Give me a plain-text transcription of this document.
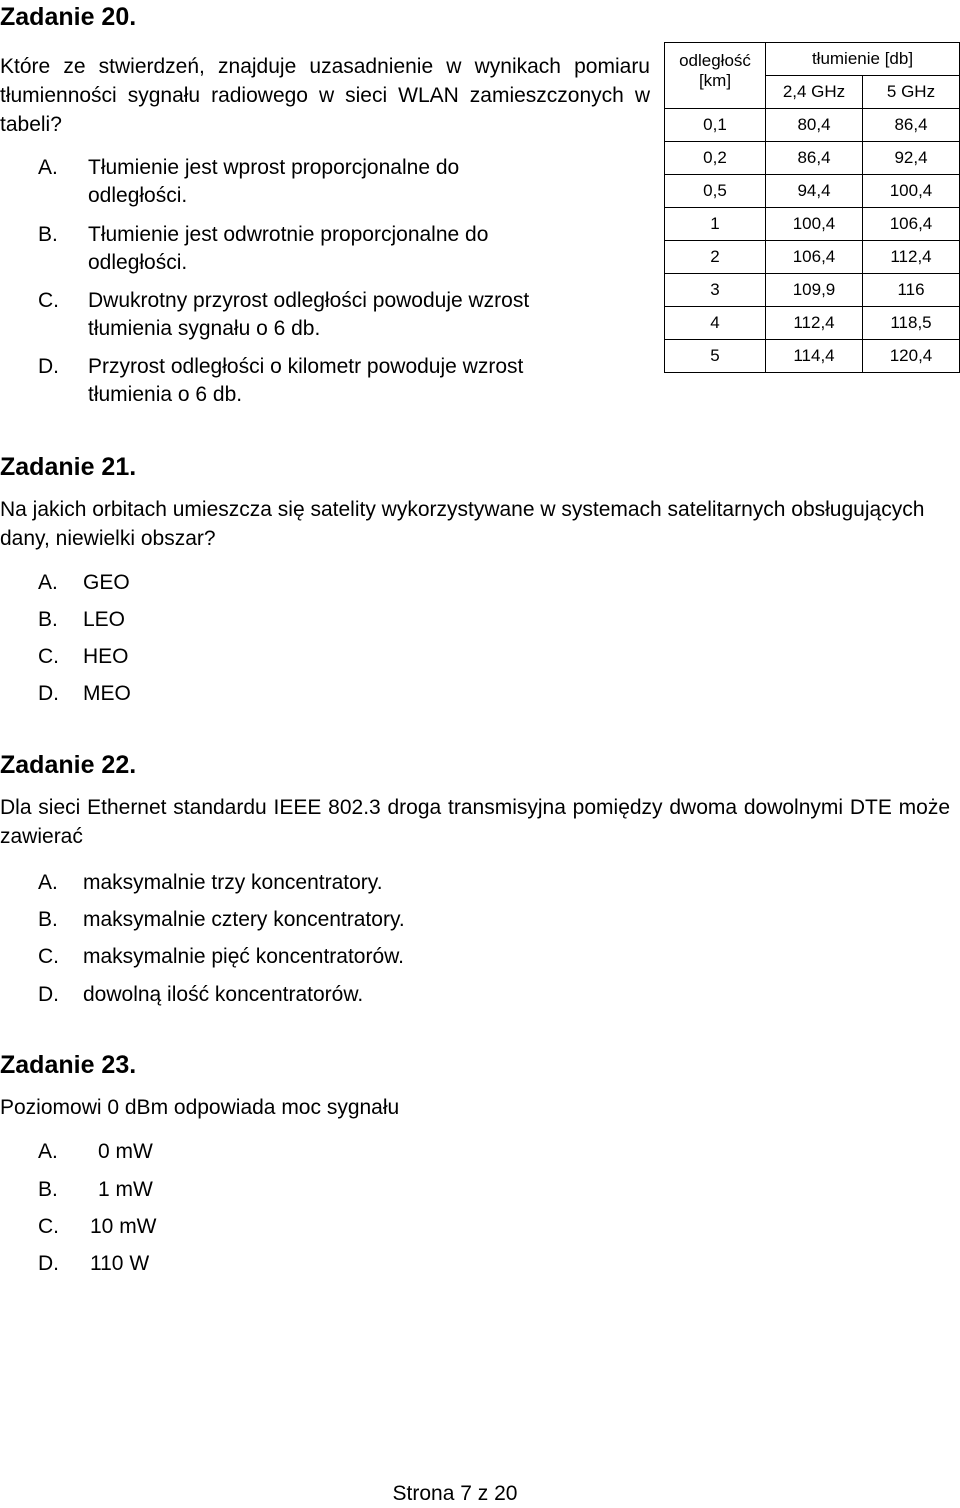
Zadanie 20.
Które ze stwierdzeń, znajduje uzasadnienie w wynikach pomiaru tłumienności sygnału radiowego w sieci WLAN zamieszczonych w tabeli?
A. Tłumienie jest wprost proporcjonalne do
odległości.
B. Tłumienie jest odwrotnie proporcjonalne do
odległości.
C. Dwukrotny przyrost odległości powoduje wzrost
tłumienia sygnału o 6 db.
D. Przyrost odległości o kilometr powoduje wzrost
tłumienia o 6 db.
odległość [km]	tłumienie [db]	
	2,4 GHz	5 GHz
0,1	80,4	86,4
0,2	86,4	92,4
0,5	94,4	100,4
1	100,4	106,4
2	106,4	112,4
3	109,9	116
4	112,4	118,5
5	114,4	120,4
Zadanie 21.
Na jakich orbitach umieszcza się satelity wykorzystywane w systemach satelitarnych obsługujących dany, niewielki obszar?
A. GEO
B. LEO
C. HEO
D. MEO
Zadanie 22.
Dla sieci Ethernet standardu IEEE 802.3 droga transmisyjna pomiędzy dwoma dowolnymi DTE może zawierać
A. maksymalnie trzy koncentratory.
B. maksymalnie cztery koncentratory.
C. maksymalnie pięć koncentratorów.
D. dowolną ilość koncentratorów.
Zadanie 23.
Poziomowi 0 dBm odpowiada moc sygnału
A. 0 mW
B. 1 mW
C. 10 mW
D. 110 W
Strona 7 z 20
